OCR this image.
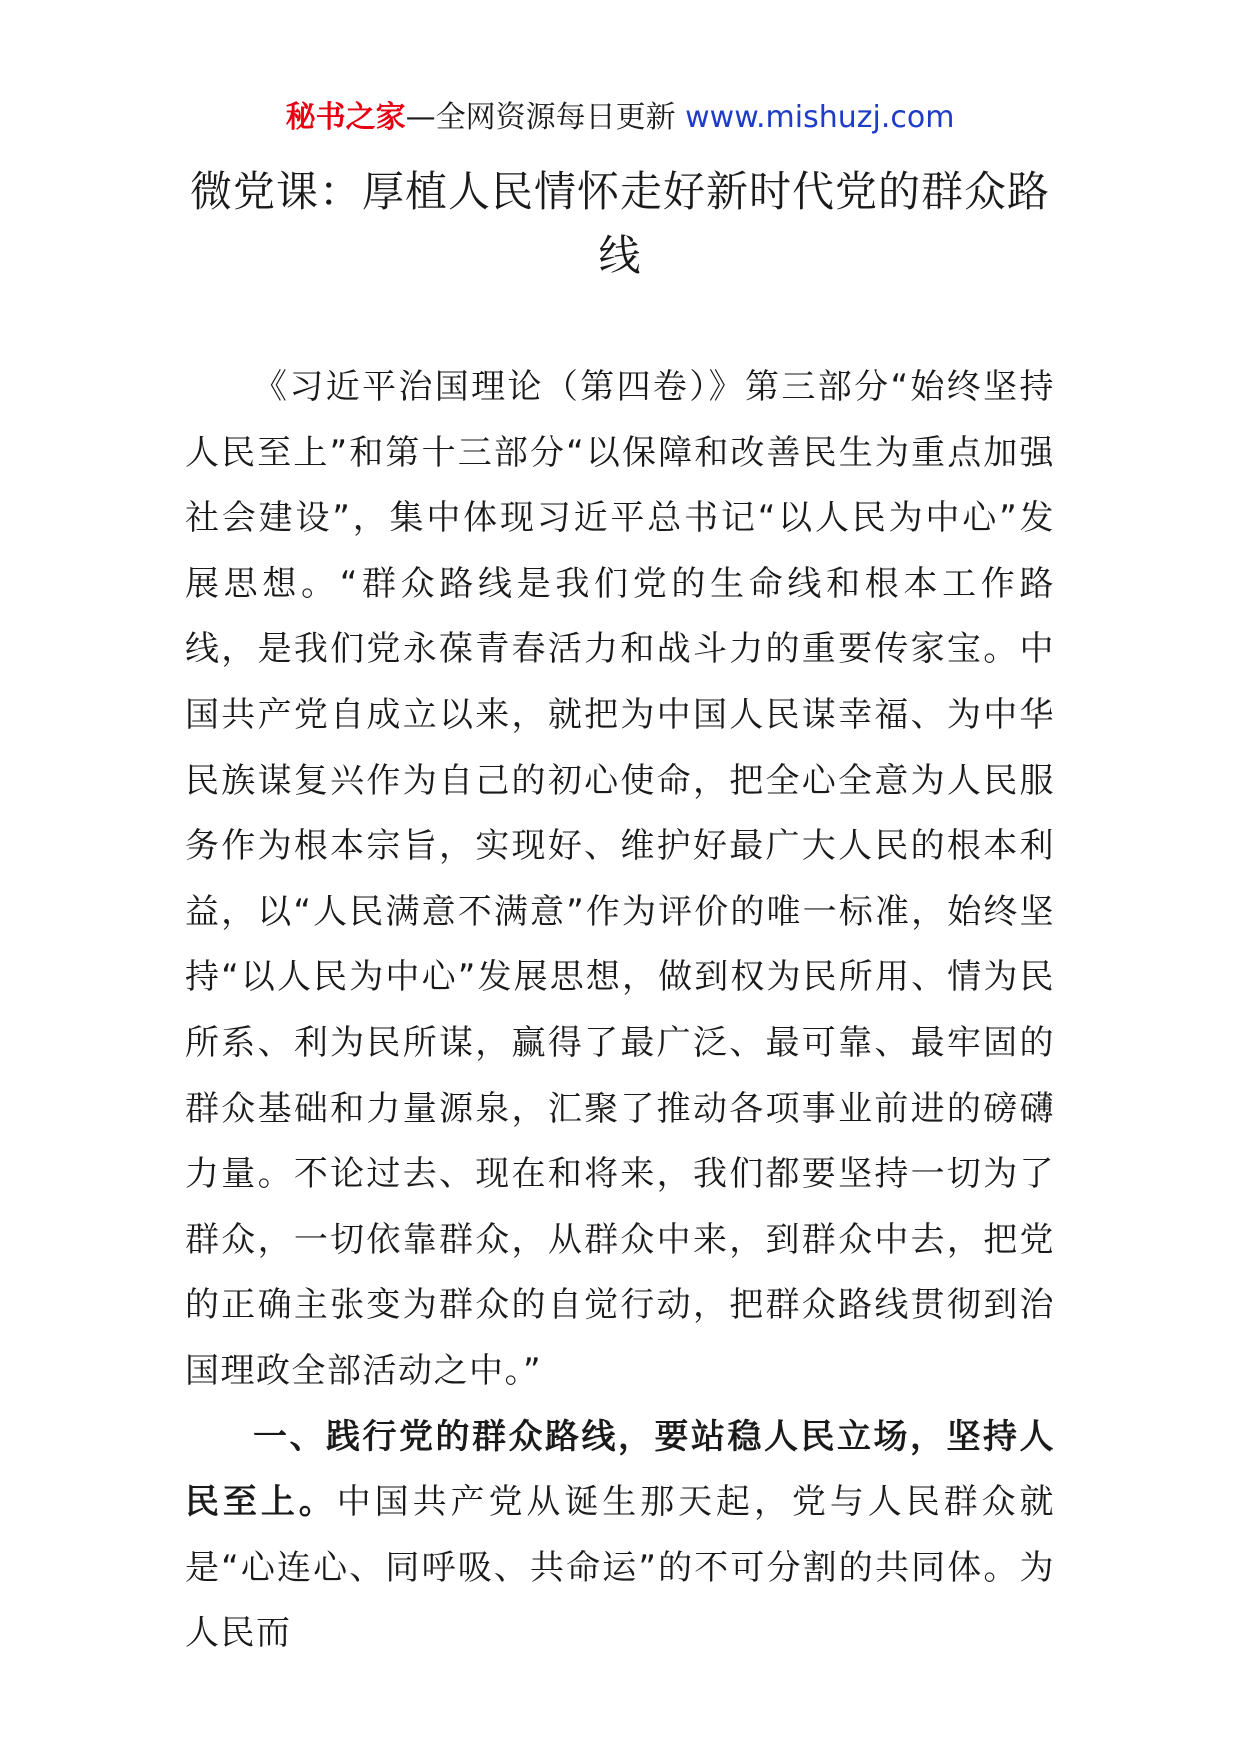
秘书之家—全网资源每日更新 www.mishuzj.com
微党课：厚植人民情怀走好新时代党的群众路线

《习近平治国理论（第四卷）》第三部分“始终坚持人民至上”和第十三部分“以保障和改善民生为重点加强社会建设”，集中体现习近平总书记“以人民为中心”发展思想。“群众路线是我们党的生命线和根本工作路线，是我们党永葆青春活力和战斗力的重要传家宝。中国共产党自成立以来，就把为中国人民谋幸福、为中华民族谋复兴作为自己的初心使命，把全心全意为人民服务作为根本宗旨，实现好、维护好最广大人民的根本利益，以“人民满意不满意”作为评价的唯一标准，始终坚持“以人民为中心”发展思想，做到权为民所用、情为民所系、利为民所谋，赢得了最广泛、最可靠、最牢固的群众基础和力量源泉，汇聚了推动各项事业前进的磅礴力量。不论过去、现在和将来，我们都要坚持一切为了群众，一切依靠群众，从群众中来，到群众中去，把党的正确主张变为群众的自觉行动，把群众路线贯彻到治国理政全部活动之中。”

一、践行党的群众路线，要站稳人民立场，坚持人民至上。中国共产党从诞生那天起，党与人民群众就是“心连心、同呼吸、共命运”的不可分割的共同体。为人民而
